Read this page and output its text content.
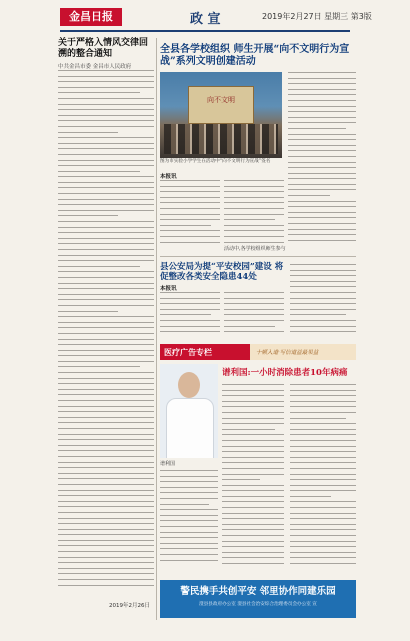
金昌日报	政 宣	2019年2月27日 星期三 第3版
关于严格入情风交律回溯的整合通知
中共金昌市委 金昌市人民政府
2019年2月26日
全县各学校组织 师生开展“向不文明行为宣战”系列文明创建活动
向不文明
图为市实验小学学生在活动中“向不文明行为宣战”签名
本报讯
活动中,各学校组织师生参与
县公安局为提“平安校园”建设 将促整改各类安全隐患44处
本报讯
医疗广告专栏	十顿入道·写信道益最果益
谱利国:一小时消除患者10年病痛
谱利国
警民携手共创平安 邻里协作同建乐园
澄县县政府办公室 澄县社会治安综合治理委员会办公室 宣
